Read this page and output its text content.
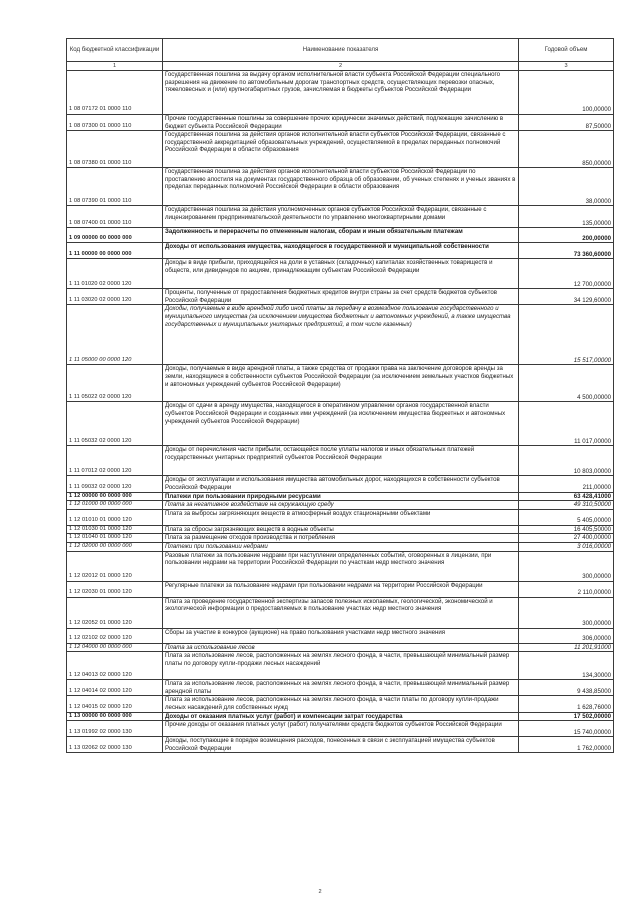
Код бюджетной классификации	Наименование показателя	Годовой объем
1	2	3
1 08 07172 01 0000 110	Государственная пошлина за выдачу органом исполнительной власти субъекта Российской Федерации специального разрешения на движение по автомобильным дорогам транспортных средств, осуществляющих перевозки опасных, тяжеловесных и (или) крупногабаритных грузов, зачисляемая в бюджеты субъектов Российской Федерации	100,00000
1 08 07300 01 0000 110	Прочие государственные пошлины за совершение прочих юридически значимых действий, подлежащие зачислению в бюджет субъекта Российской Федерации	87,50000
1 08 07380 01 0000 110	Государственная пошлина за действия органов исполнительной власти субъектов Российской Федерации, связанные с государственной аккредитацией образовательных учреждений, осуществляемой в пределах переданных полномочий Российской Федерации в области образования	850,00000
1 08 07390 01 0000 110	Государственная пошлина за действия органов исполнительной власти субъектов Российской Федерации по проставлению апостиля на документах государственного образца об образовании, об ученых степенях и ученых званиях в пределах переданных полномочий Российской Федерации в области образования	38,00000
1 08 07400 01 0000 110	Государственная пошлина за действия уполномоченных органов субъектов Российской Федерации, связанные с лицензированием предпринимательской деятельности по управлению многоквартирными домами	135,00000
1 09 00000 00 0000 000	Задолженность и перерасчеты по отмененным налогам, сборам и иным обязательным платежам	200,00000
1 11 00000 00 0000 000	Доходы от использования имущества, находящегося в государственной и муниципальной собственности	73 360,60000
1 11 01020 02 0000 120	Доходы в виде прибыли, приходящейся на доли в уставных (складочных) капиталах хозяйственных товариществ и обществ, или дивидендов по акциям, принадлежащим субъектам Российской Федерации	12 700,00000
1 11 03020 02 0000 120	Проценты, полученные от предоставления бюджетных кредитов внутри страны за счет средств бюджетов субъектов Российской Федерации	34 129,60000
1 11 05000 00 0000 120	Доходы, получаемые в виде арендной либо иной платы за передачу в возмездное пользование государственного и муниципального имущества (за исключением имущества бюджетных и автономных учреждений, а также имущества государственных и муниципальных унитарных предприятий, в том числе казенных)	15 517,00000
1 11 05022 02 0000 120	Доходы, получаемые в виде арендной платы, а также средства от продажи права на заключение договоров аренды за земли, находящиеся в собственности субъектов Российской Федерации (за исключением земельных участков бюджетных и автономных учреждений субъектов Российской Федерации)	4 500,00000
1 11 05032 02 0000 120	Доходы от сдачи в аренду имущества, находящегося в оперативном управлении органов государственной власти субъектов Российской Федерации и созданных ими учреждений (за исключением имущества бюджетных и автономных учреждений субъектов Российской Федерации)	11 017,00000
1 11 07012 02 0000 120	Доходы от перечисления части прибыли, остающейся после уплаты налогов и иных обязательных платежей государственных унитарных предприятий субъектов Российской Федерации	10 803,00000
1 11 09032 02 0000 120	Доходы от эксплуатации и использования имущества автомобильных дорог, находящихся в собственности субъектов Российской Федерации	211,00000
1 12 00000 00 0000 000	Платежи при пользовании природными ресурсами	63 428,41000
1 12 01000 00 0000 000	Плата за негативное воздействие на окружающую среду	49 310,50000
1 12 01010 01 0000 120	Плата за выбросы загрязняющих веществ в атмосферный воздух стационарными объектами	5 405,00000
1 12 01030 01 0000 120	Плата за сбросы загрязняющих веществ в водные объекты	16 405,50000
1 12 01040 01 0000 120	Плата за размещение отходов производства и потребления	27 400,00000
1 12 02000 00 0000 000	Платежи при пользовании недрами	3 016,00000
1 12 02012 01 0000 120	Разовые платежи за пользование недрами при наступлении определенных событий, оговоренных в лицензии, при пользовании недрами на территории Российской Федерации по участкам недр местного значения	300,00000
1 12 02030 01 0000 120	Регулярные платежи за пользование недрами при пользовании недрами на территории Российской Федерации	2 110,00000
1 12 02052 01 0000 120	Плата за проведение государственной экспертизы запасов полезных ископаемых, геологической, экономической и экологической информации о предоставляемых в пользование участках недр местного значения	300,00000
1 12 02102 02 0000 120	Сборы за участие в конкурсе (аукционе) на право пользования участками недр местного значения	306,00000
1 12 04000 00 0000 000	Плата за использование лесов	11 201,91000
1 12 04013 02 0000 120	Плата за использование лесов, расположенных на землях лесного фонда, в части, превышающей минимальный размер платы по договору купли-продажи лесных насаждений	134,30000
1 12 04014 02 0000 120	Плата за использование лесов, расположенных на землях лесного фонда, в части, превышающей минимальный размер арендной платы	9 438,85000
1 12 04015 02 0000 120	Плата за использование лесов, расположенных на землях лесного фонда, в части платы по договору купли-продажи лесных насаждений для собственных нужд	1 628,76000
1 13 00000 00 0000 000	Доходы от оказания платных услуг (работ) и компенсации затрат государства	17 502,00000
1 13 01992 02 0000 130	Прочие доходы от оказания платных услуг (работ) получателями средств бюджетов субъектов Российской Федерации	15 740,00000
1 13 02062 02 0000 130	Доходы, поступающие в порядке возмещения расходов, понесенных в связи с эксплуатацией имущества субъектов Российской Федерации	1 762,00000
2
